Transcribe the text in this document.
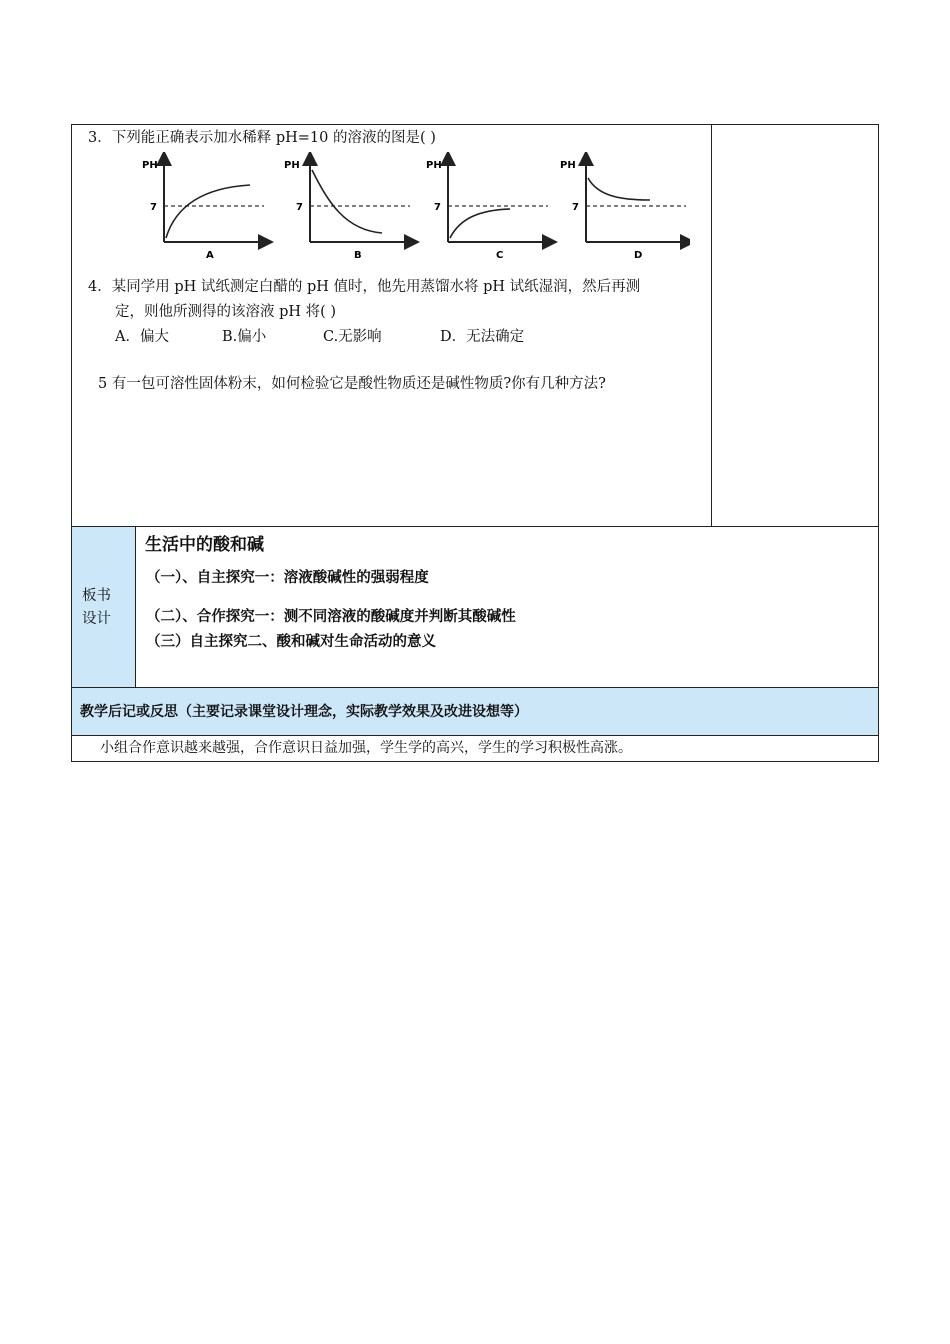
3．下列能正确表示加水稀释 pH=10 的溶液的图是( )
PH
7
A
PH
7
B
PH
7
C
PH
7
D
4．某同学用 pH 试纸测定白醋的 pH 值时，他先用蒸馏水将 pH 试纸湿润，然后再测
定，则他所测得的该溶液 pH 将( )
A．偏大	B.偏小	C.无影响	D．无法确定
5 有一包可溶性固体粉末，如何检验它是酸性物质还是碱性物质?你有几种方法?
板书
设计
生活中的酸和碱
（一）、自主探究一：溶液酸碱性的强弱程度
（二）、合作探究一：测不同溶液的酸碱度并判断其酸碱性
（三）自主探究二、酸和碱对生命活动的意义
教学后记或反思（主要记录课堂设计理念，实际教学效果及改进设想等）
小组合作意识越来越强，合作意识日益加强，学生学的高兴，学生的学习积极性高涨。
